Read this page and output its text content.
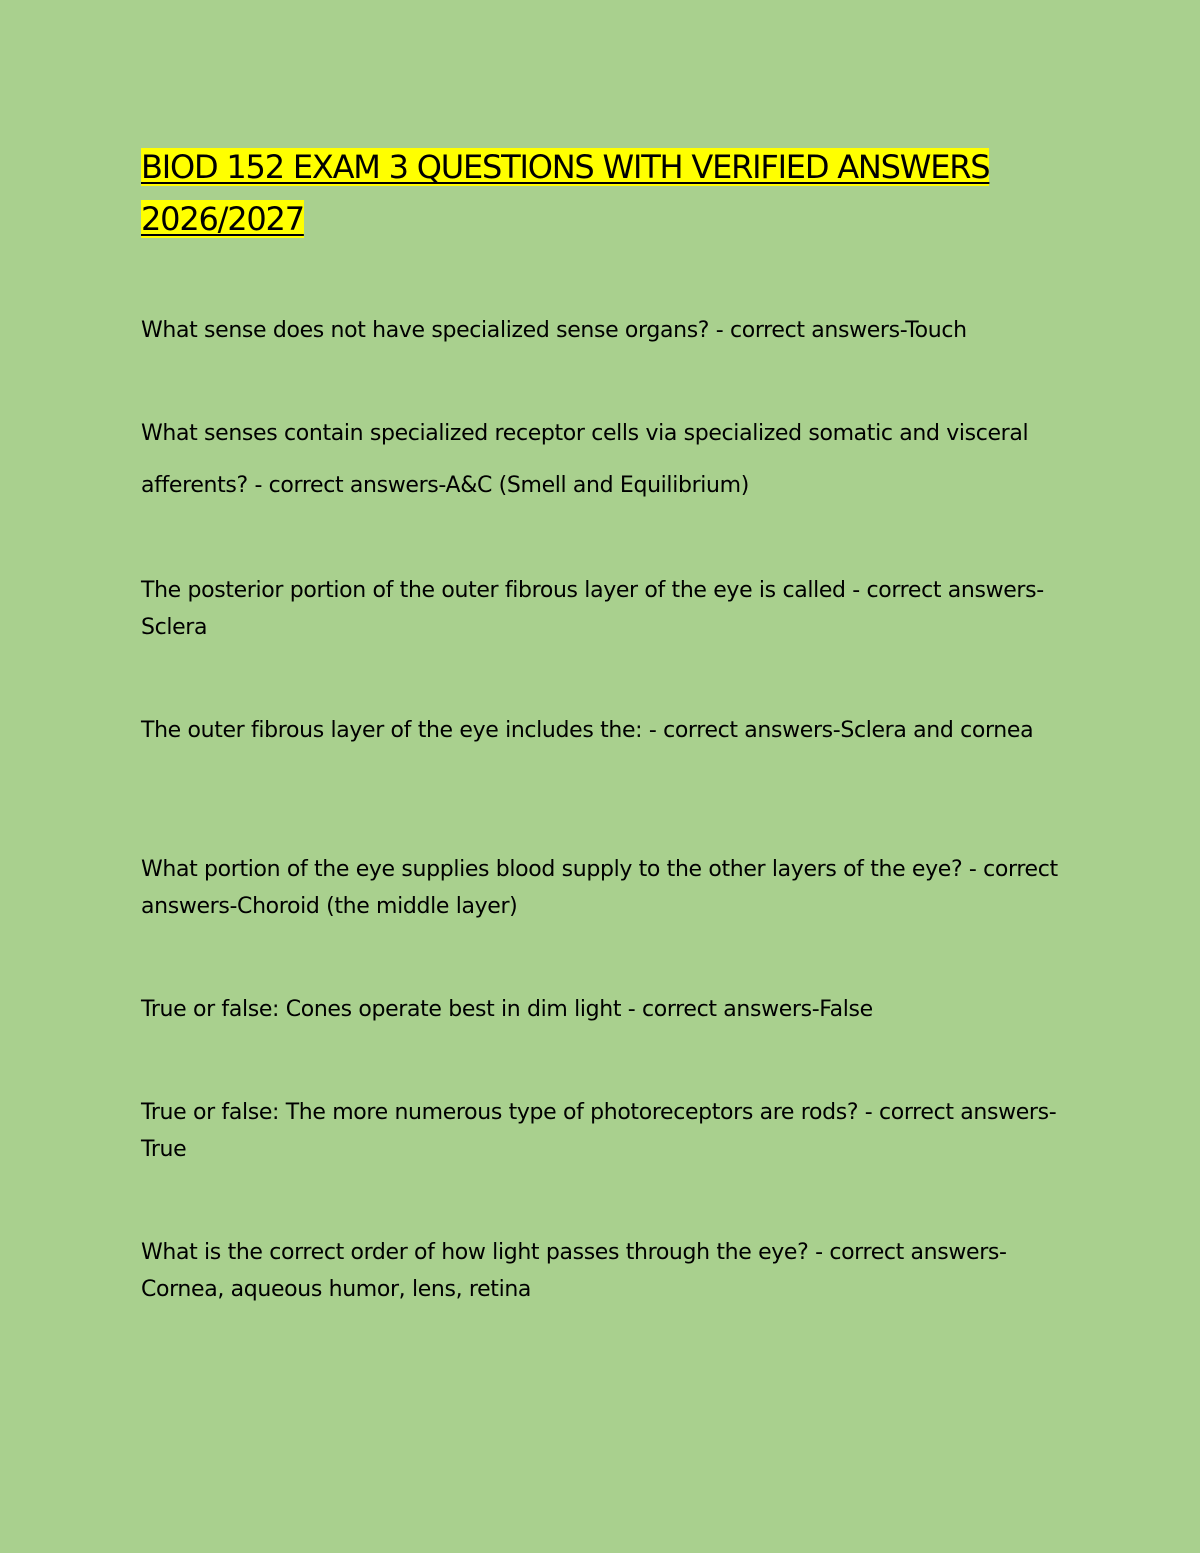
BIOD 152 EXAM 3 QUESTIONS WITH VERIFIED ANSWERS 2026/2027

What sense does not have specialized sense organs? - correct answers-Touch

What senses contain specialized receptor cells via specialized somatic and visceral afferents? - correct answers-A&C (Smell and Equilibrium)

The posterior portion of the outer fibrous layer of the eye is called - correct answers-Sclera

The outer fibrous layer of the eye includes the: - correct answers-Sclera and cornea

What portion of the eye supplies blood supply to the other layers of the eye? - correct answers-Choroid (the middle layer)

True or false: Cones operate best in dim light - correct answers-False

True or false: The more numerous type of photoreceptors are rods? - correct answers-True

What is the correct order of how light passes through the eye? - correct answers-Cornea, aqueous humor, lens, retina
